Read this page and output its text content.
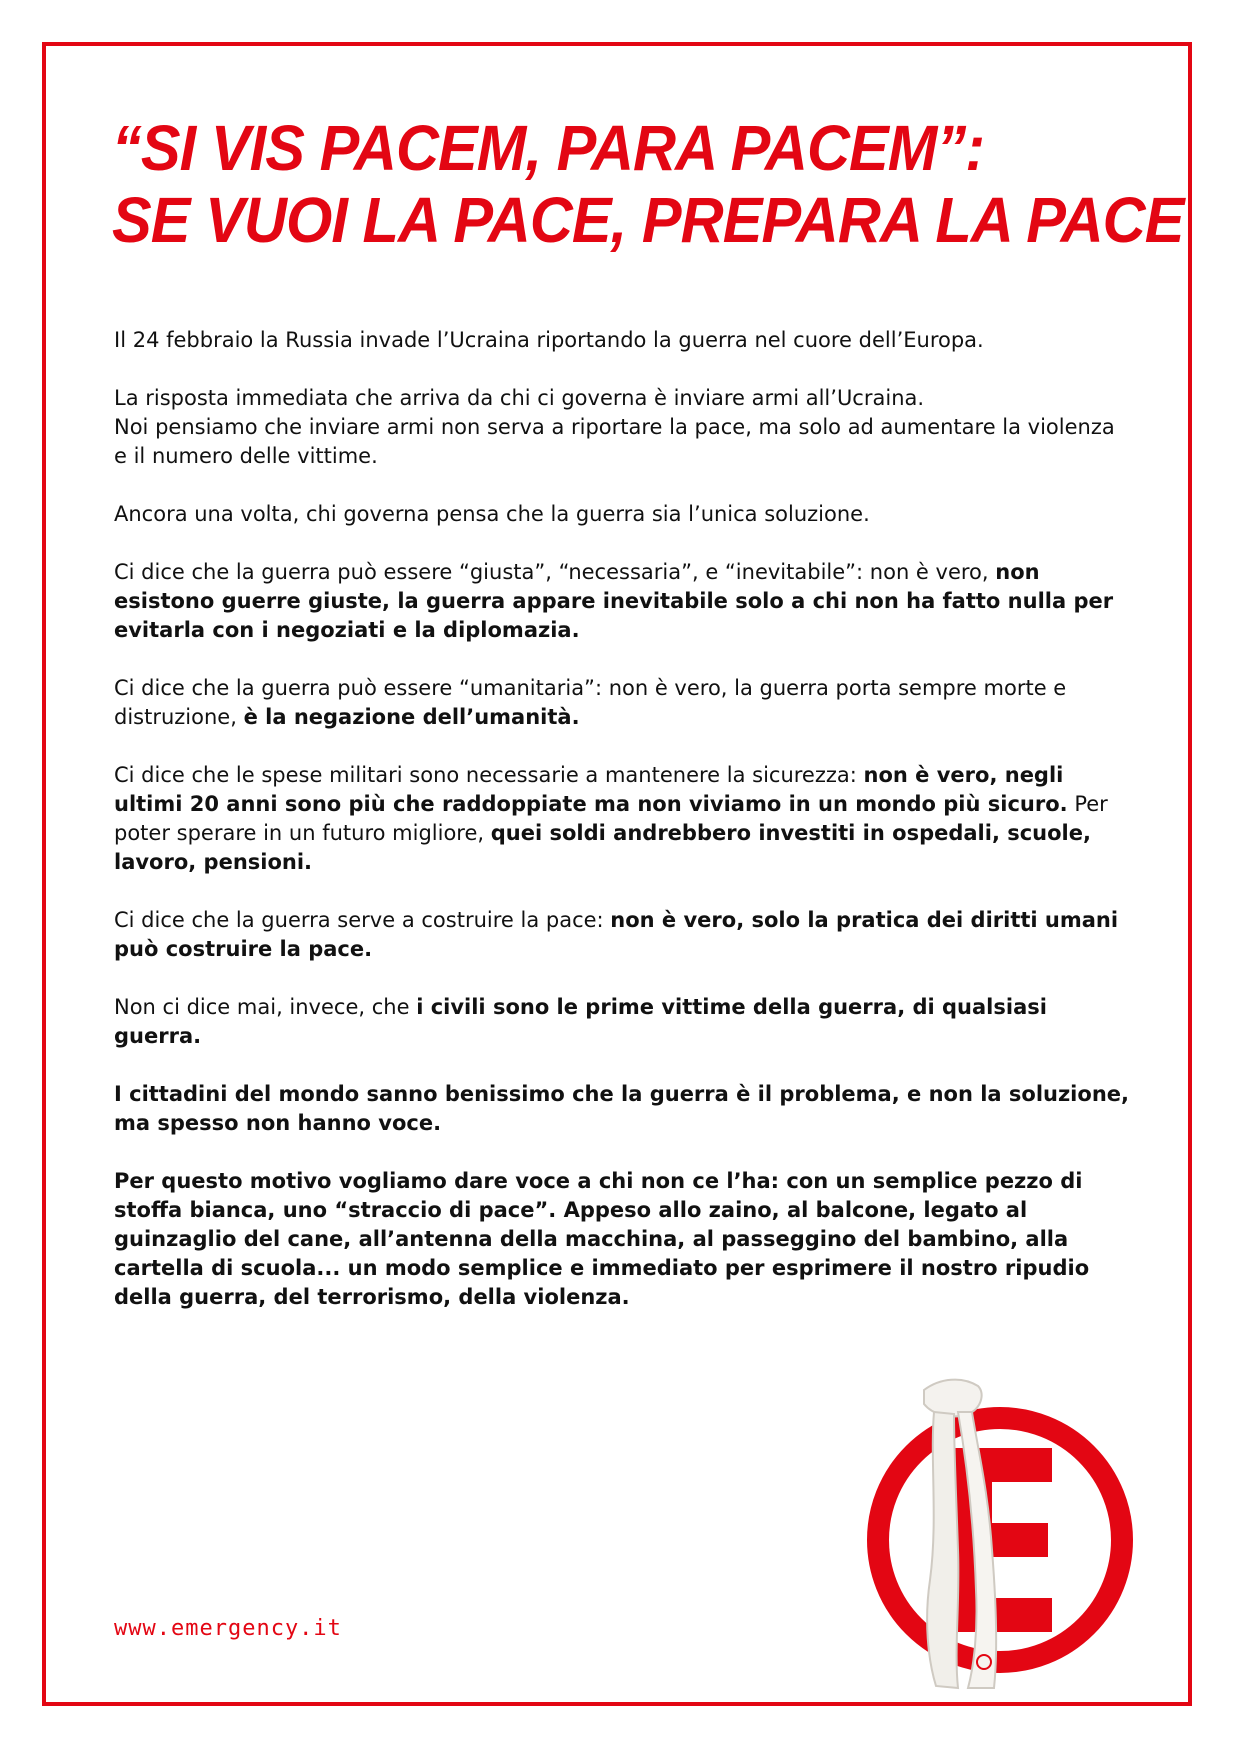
“SI VIS PACEM, PARA PACEM”:
SE VUOI LA PACE, PREPARA LA PACE

Il 24 febbraio la Russia invade l’Ucraina riportando la guerra nel cuore dell’Europa.

La risposta immediata che arriva da chi ci governa è inviare armi all’Ucraina.
Noi pensiamo che inviare armi non serva a riportare la pace, ma solo ad aumentare la violenza e il numero delle vittime.

Ancora una volta, chi governa pensa che la guerra sia l’unica soluzione.

Ci dice che la guerra può essere “giusta”, “necessaria”, e “inevitabile”: non è vero, non esistono guerre giuste, la guerra appare inevitabile solo a chi non ha fatto nulla per evitarla con i negoziati e la diplomazia.

Ci dice che la guerra può essere “umanitaria”: non è vero, la guerra porta sempre morte e distruzione, è la negazione dell’umanità.

Ci dice che le spese militari sono necessarie a mantenere la sicurezza: non è vero, negli ultimi 20 anni sono più che raddoppiate ma non viviamo in un mondo più sicuro. Per poter sperare in un futuro migliore, quei soldi andrebbero investiti in ospedali, scuole, lavoro, pensioni.

Ci dice che la guerra serve a costruire la pace: non è vero, solo la pratica dei diritti umani può costruire la pace.

Non ci dice mai, invece, che i civili sono le prime vittime della guerra, di qualsiasi guerra.

I cittadini del mondo sanno benissimo che la guerra è il problema, e non la soluzione, ma spesso non hanno voce.

Per questo motivo vogliamo dare voce a chi non ce l’ha: con un semplice pezzo di stoffa bianca, uno “straccio di pace”. Appeso allo zaino, al balcone, legato al guinzaglio del cane, all’antenna della macchina, al passeggino del bambino, alla cartella di scuola... un modo semplice e immediato per esprimere il nostro ripudio della guerra, del terrorismo, della violenza.

www.emergency.it
